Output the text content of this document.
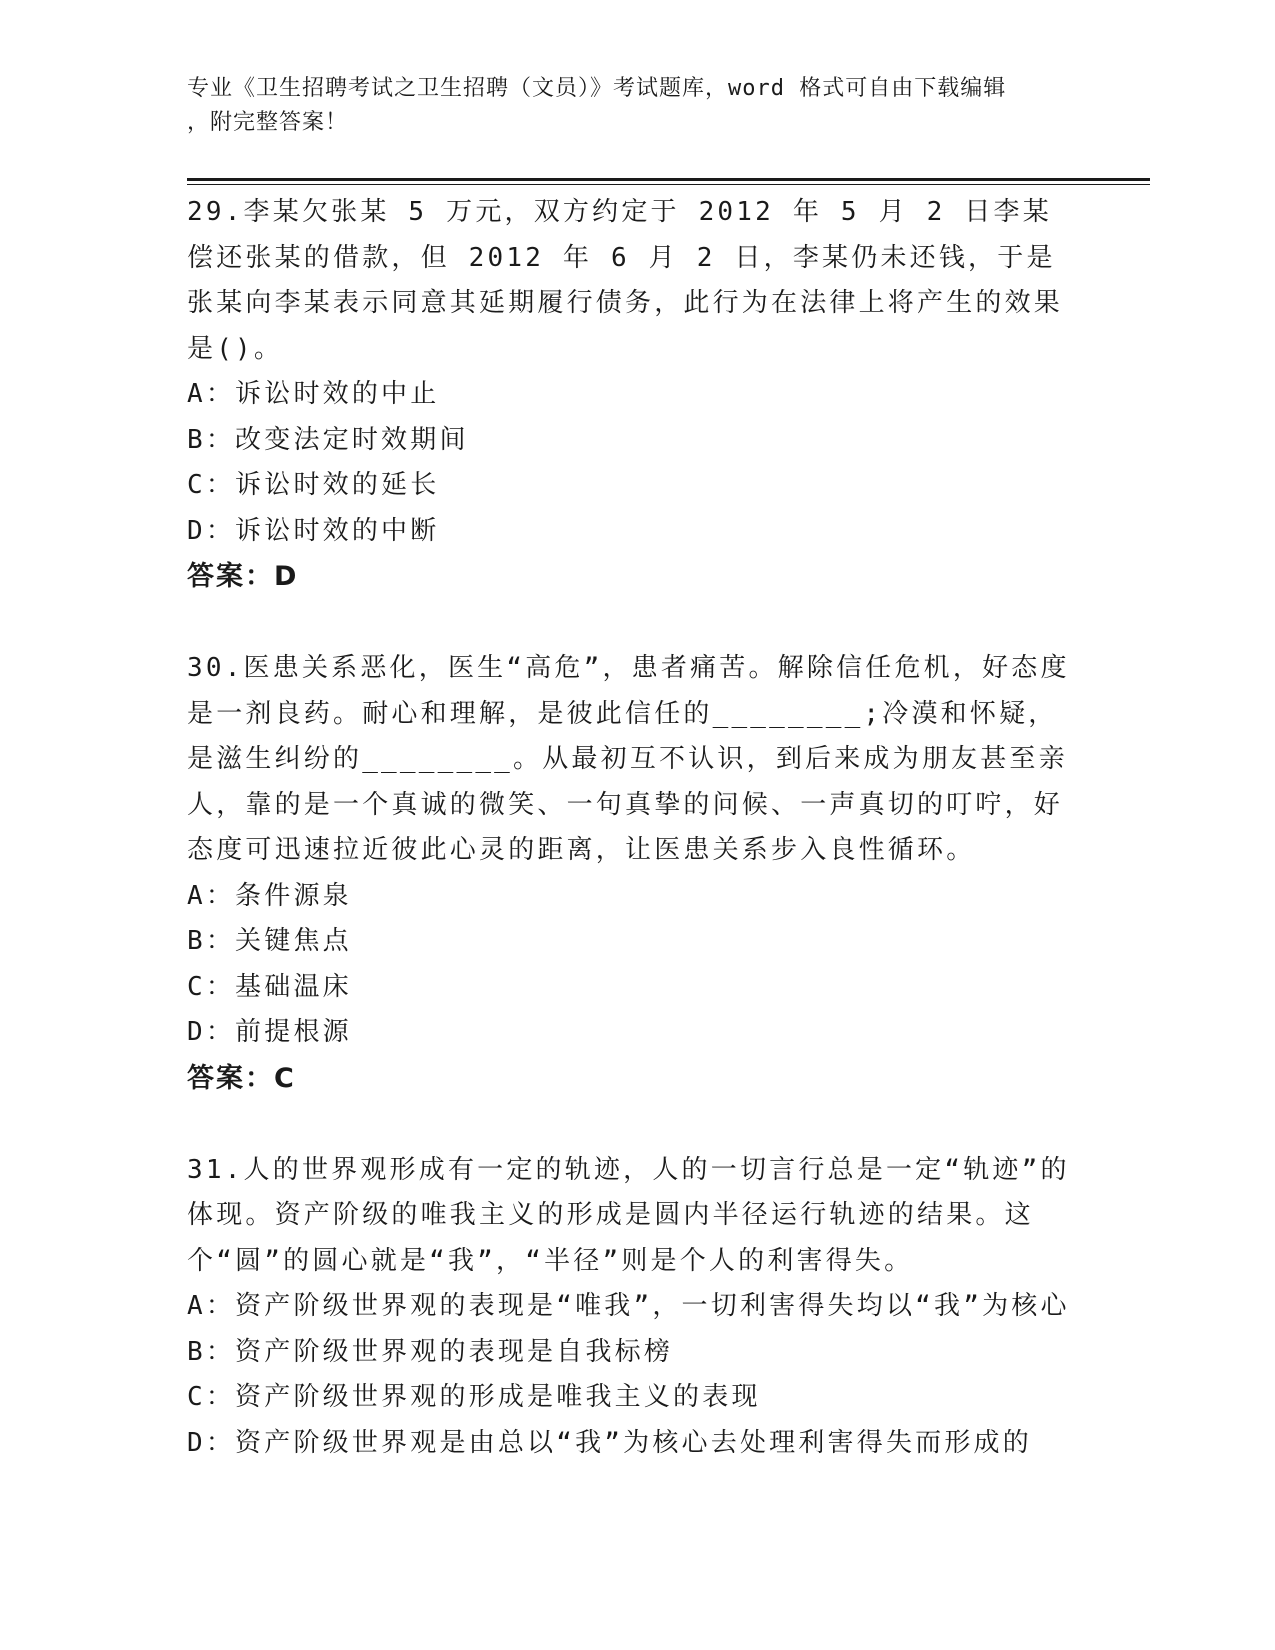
专业《卫生招聘考试之卫生招聘（文员）》考试题库，word 格式可自由下载编辑
，附完整答案！
29.李某欠张某 5 万元，双方约定于 2012 年 5 月 2 日李某偿还张某的借款，但 2012 年 6 月 2 日，李某仍未还钱，于是张某向李某表示同意其延期履行债务，此行为在法律上将产生的效果是()。
A：诉讼时效的中止
B：改变法定时效期间
C：诉讼时效的延长
D：诉讼时效的中断
答案：D
30.医患关系恶化，医生“高危”，患者痛苦。解除信任危机，好态度是一剂良药。耐心和理解，是彼此信任的________;冷漠和怀疑，是滋生纠纷的________。从最初互不认识，到后来成为朋友甚至亲人，靠的是一个真诚的微笑、一句真挚的问候、一声真切的叮咛，好态度可迅速拉近彼此心灵的距离，让医患关系步入良性循环。
A：条件源泉
B：关键焦点
C：基础温床
D：前提根源
答案：C
31.人的世界观形成有一定的轨迹，人的一切言行总是一定“轨迹”的体现。资产阶级的唯我主义的形成是圆内半径运行轨迹的结果。这个“圆”的圆心就是“我”，“半径”则是个人的利害得失。
A：资产阶级世界观的表现是“唯我”，一切利害得失均以“我”为核心
B：资产阶级世界观的表现是自我标榜
C：资产阶级世界观的形成是唯我主义的表现
D：资产阶级世界观是由总以“我”为核心去处理利害得失而形成的
